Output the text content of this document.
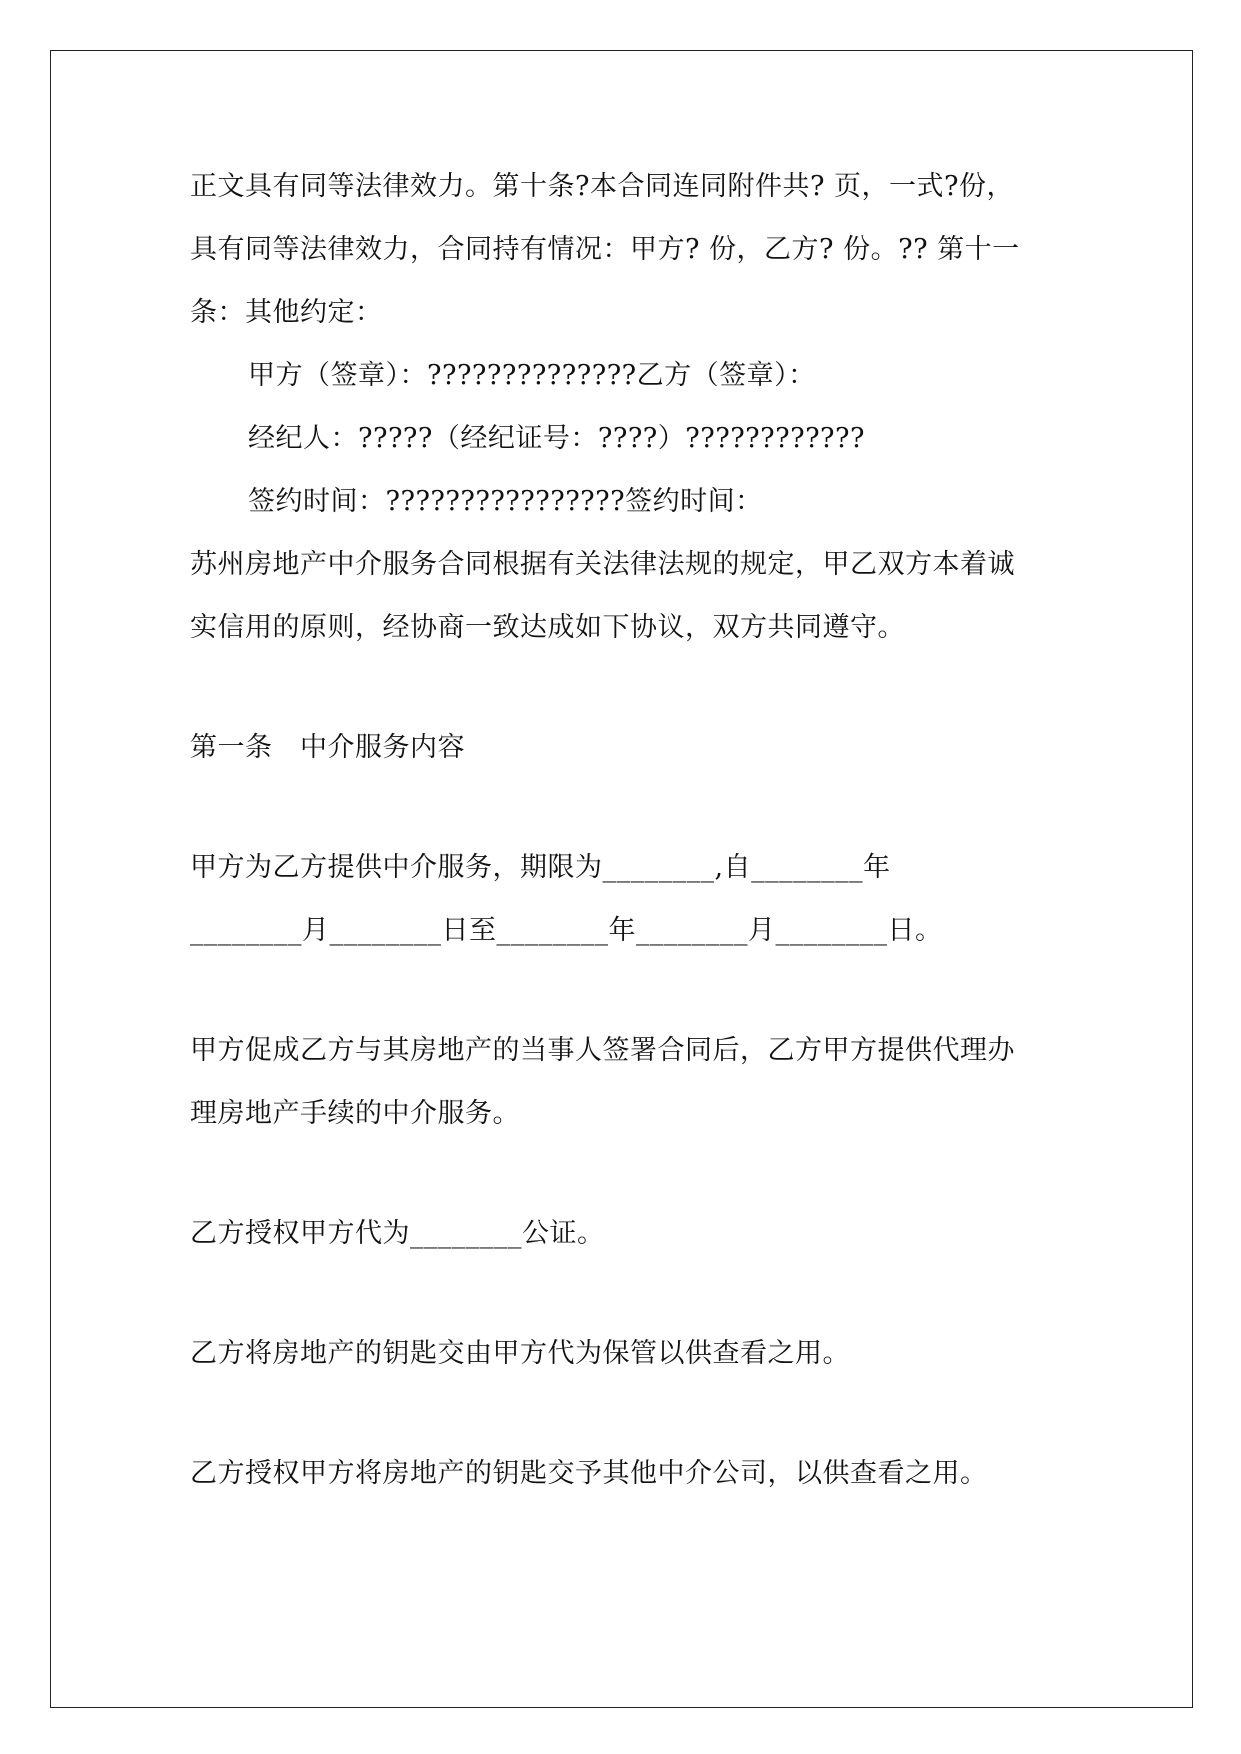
正文具有同等法律效力。第十条?本合同连同附件共? 页，一式?份，
具有同等法律效力，合同持有情况：甲方? 份，乙方? 份。?? 第十一
条：其他约定：
甲方（签章）：??????????????乙方（签章）：
经纪人：?????（经纪证号：????）????????????
签约时间：????????????????签约时间：
苏州房地产中介服务合同根据有关法律法规的规定，甲乙双方本着诚
实信用的原则，经协商一致达成如下协议，双方共同遵守。
第一条　中介服务内容
甲方为乙方提供中介服务，期限为________,自________年
________月________日至________年________月________日。
甲方促成乙方与其房地产的当事人签署合同后，乙方甲方提供代理办
理房地产手续的中介服务。
乙方授权甲方代为________公证。
乙方将房地产的钥匙交由甲方代为保管以供查看之用。
乙方授权甲方将房地产的钥匙交予其他中介公司，以供查看之用。
